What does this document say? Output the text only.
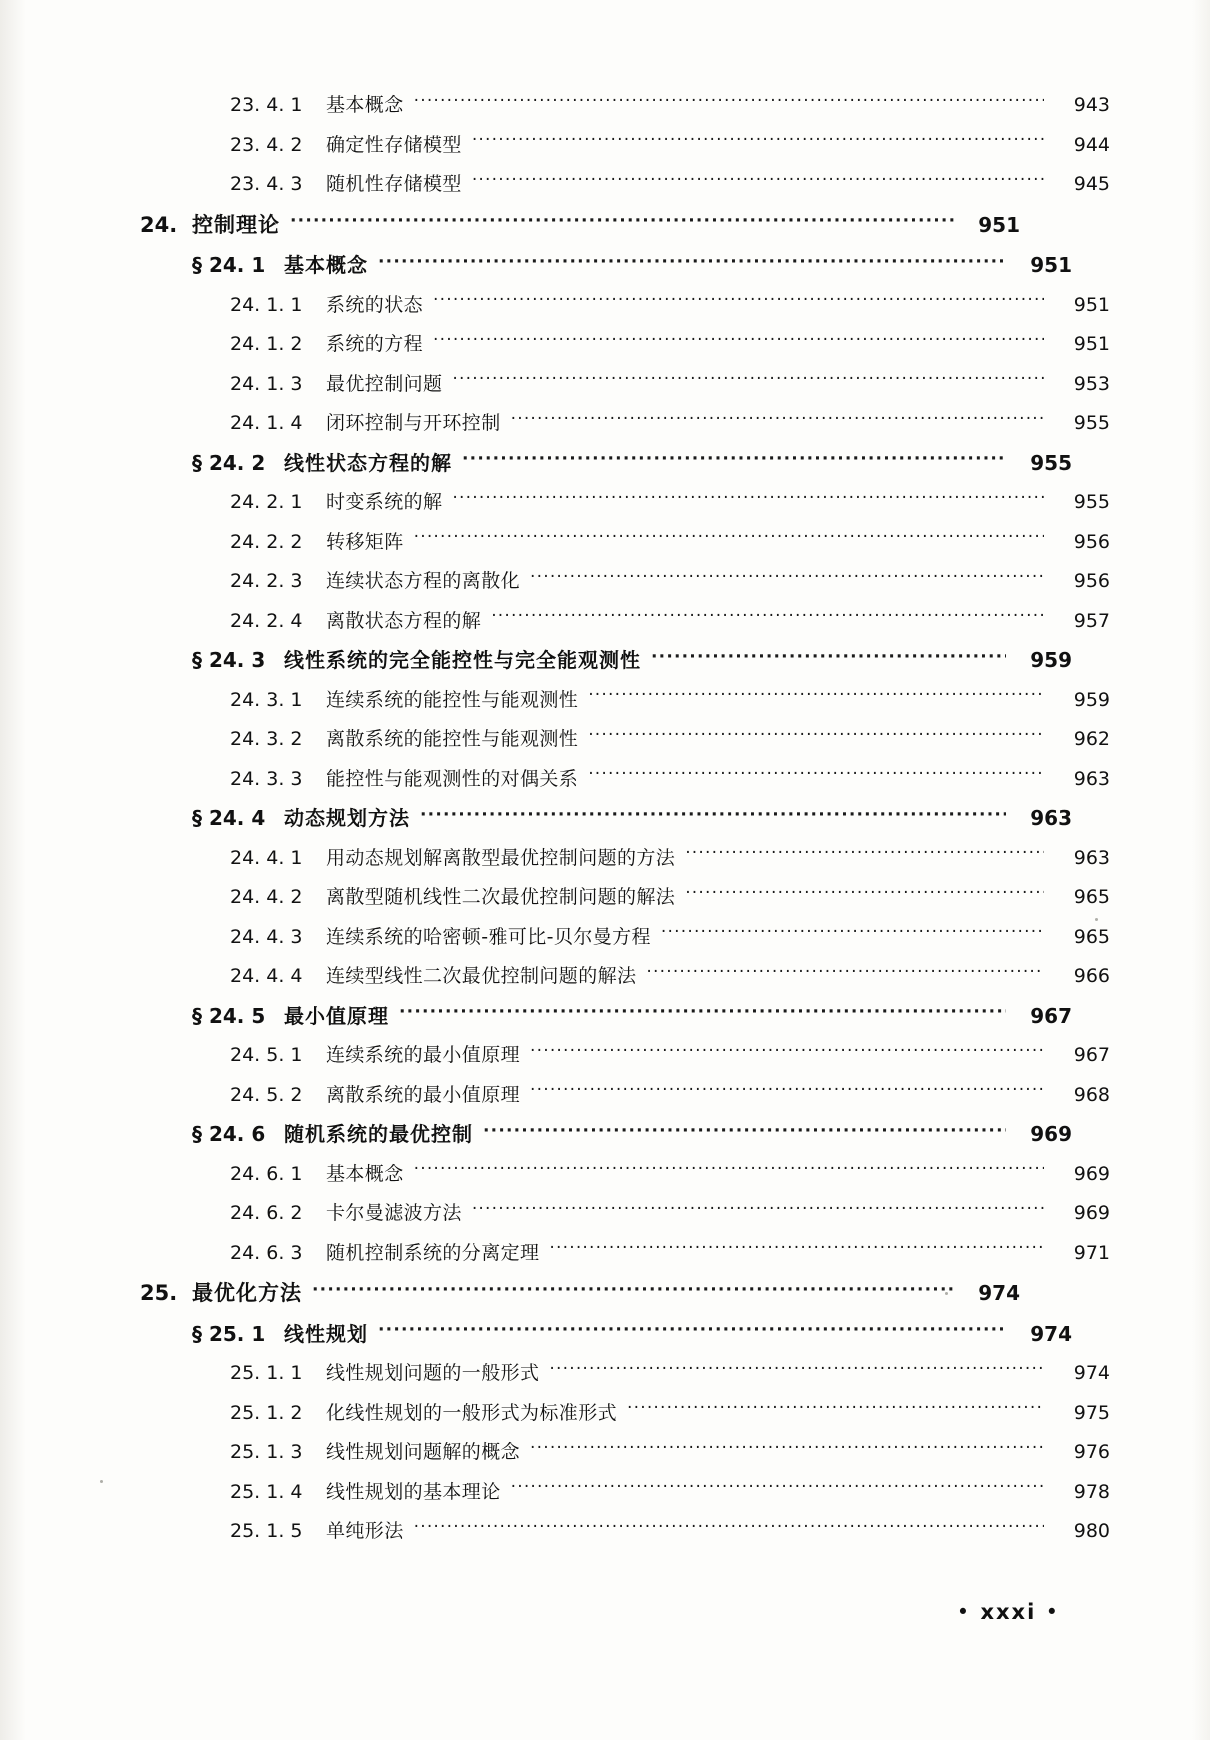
23. 4. 1	基本概念 ·····	943
23. 4. 2	确定性存储模型 ·····	944
23. 4. 3	随机性存储模型 ·····	945
24. 控制理论 ·····	951
§ 24. 1 基本概念 ·····	951
24. 1. 1	系统的状态 ·····	951
24. 1. 2	系统的方程 ·····	951
24. 1. 3	最优控制问题 ·····	953
24. 1. 4	闭环控制与开环控制 ·····	955
§ 24. 2 线性状态方程的解 ·····	955
24. 2. 1	时变系统的解 ·····	955
24. 2. 2	转移矩阵 ·····	956
24. 2. 3	连续状态方程的离散化 ·····	956
24. 2. 4	离散状态方程的解 ·····	957
§ 24. 3 线性系统的完全能控性与完全能观测性 ·····	959
24. 3. 1	连续系统的能控性与能观测性 ·····	959
24. 3. 2	离散系统的能控性与能观测性 ·····	962
24. 3. 3	能控性与能观测性的对偶关系 ·····	963
§ 24. 4 动态规划方法 ·····	963
24. 4. 1	用动态规划解离散型最优控制问题的方法 ·····	963
24. 4. 2	离散型随机线性二次最优控制问题的解法 ·····	965
24. 4. 3	连续系统的哈密顿-雅可比-贝尔曼方程 ·····	965
24. 4. 4	连续型线性二次最优控制问题的解法 ·····	966
§ 24. 5 最小值原理 ·····	967
24. 5. 1	连续系统的最小值原理 ·····	967
24. 5. 2	离散系统的最小值原理 ·····	968
§ 24. 6 随机系统的最优控制 ·····	969
24. 6. 1	基本概念 ·····	969
24. 6. 2	卡尔曼滤波方法 ·····	969
24. 6. 3	随机控制系统的分离定理 ·····	971
25. 最优化方法 ·····	974
§ 25. 1 线性规划 ·····	974
25. 1. 1	线性规划问题的一般形式 ·····	974
25. 1. 2	化线性规划的一般形式为标准形式 ·····	975
25. 1. 3	线性规划问题解的概念 ·····	976
25. 1. 4	线性规划的基本理论 ·····	978
25. 1. 5	单纯形法 ·····	980
• xxxi •
